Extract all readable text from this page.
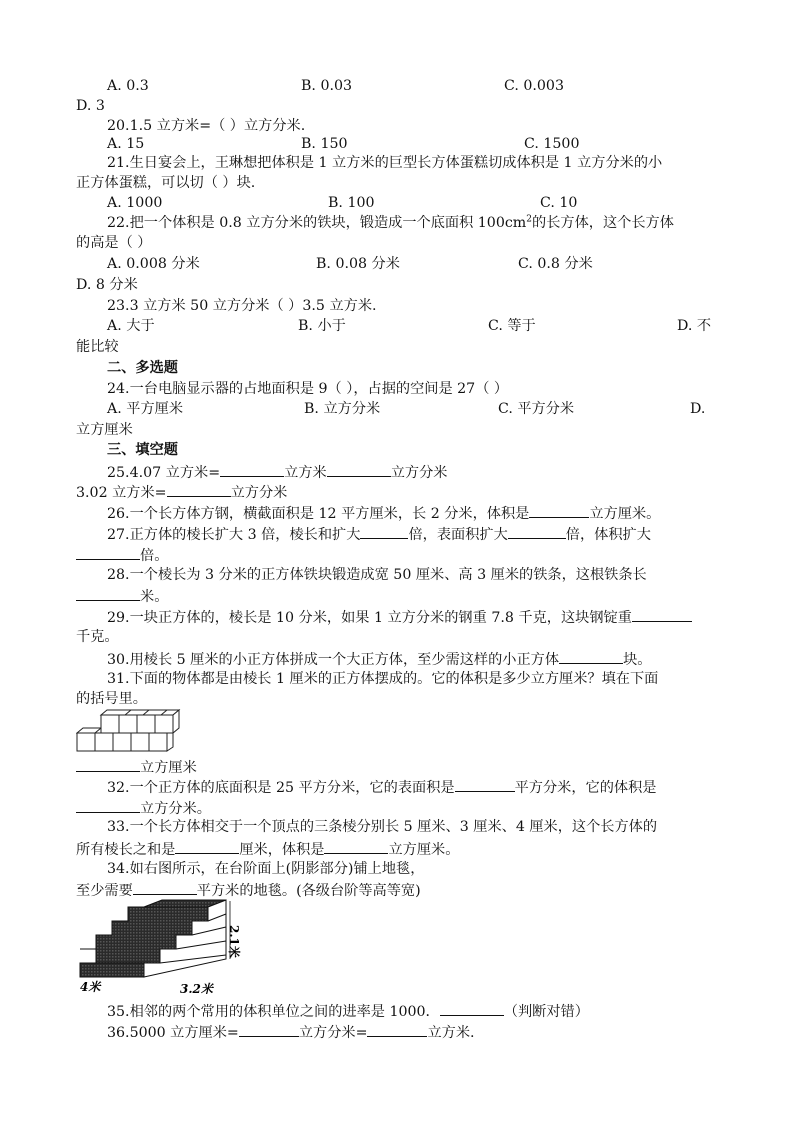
A. 0.3	B. 0.03	C. 0.003
D. 3
20.1.5 立方米=（ ）立方分米.
A. 15	B. 150	C. 1500
21.生日宴会上，王琳想把体积是 1 立方米的巨型长方体蛋糕切成体积是 1 立方分米的小
正方体蛋糕，可以切（ ）块.
A. 1000	B. 100	C. 10
22.把一个体积是 0.8 立方分米的铁块，锻造成一个底面积 $100cm^2$的长方体，这个长方体
的高是（ ）
A. 0.008 分米	B. 0.08 分米	C. 0.8 分米
D. 8 分米
23.3 立方米 50 立方分米（ ）3.5 立方米.
A. 大于	B. 小于	C. 等于	D. 不
能比较
二、多选题
24.一台电脑显示器的占地面积是 9（ ），占据的空间是 27（ ）
A. 平方厘米	B. 立方分米	C. 平方分米	D.
立方厘米
三、填空题
25.4.07 立方米=	立方米	立方分米
3.02 立方米=	立方分米
26.一个长方体方钢，横截面积是 12 平方厘米，长 2 分米，体积是	立方厘米。
27.正方体的棱长扩大 3 倍，棱长和扩大	倍，表面积扩大	倍，体积扩大
倍。
28.一个棱长为 3 分米的正方体铁块锻造成宽 50 厘米、高 3 厘米的铁条，这根铁条长
米。
29.一块正方体的，棱长是 10 分米，如果 1 立方分米的钢重 7.8 千克，这块钢锭重
千克。
30.用棱长 5 厘米的小正方体拼成一个大正方体，至少需这样的小正方体	块。
31.下面的物体都是由棱长 1 厘米的正方体摆成的。它的体积是多少立方厘米？填在下面
的括号里。
立方厘米
32.一个正方体的底面积是 25 平方分米，它的表面积是	平方分米，它的体积是
立方分米。
33.一个长方体相交于一个顶点的三条棱分别长 5 厘米、3 厘米、4 厘米，这个长方体的
所有棱长之和是	厘米，体积是	立方厘米。
34.如右图所示，在台阶面上(阴影部分)铺上地毯，
至少需要	平方米的地毯。(各级台阶等高等宽)
2.1米
4米	3.2米
35.相邻的两个常用的体积单位之间的进率是 1000．	（判断对错）
36.5000 立方厘米=	立方分米=	立方米.
